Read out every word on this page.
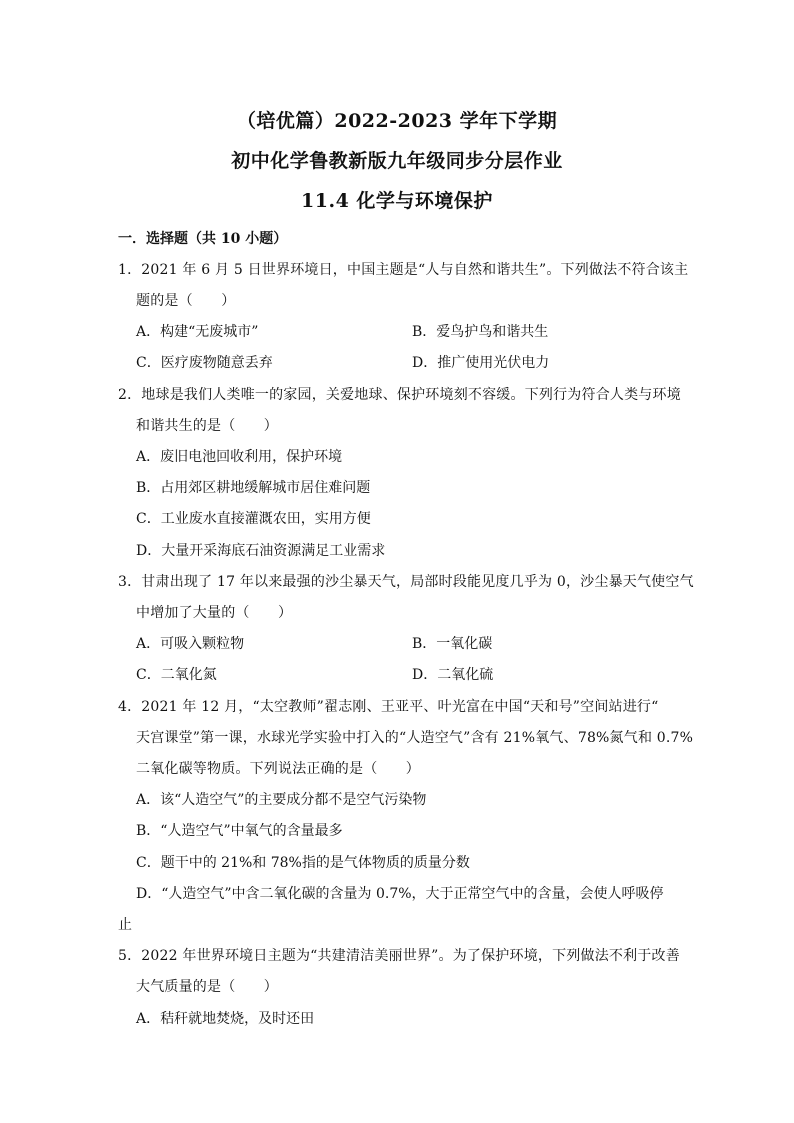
（培优篇）2022-2023 学年下学期
初中化学鲁教新版九年级同步分层作业
11.4 化学与环境保护
一．选择题（共 10 小题）
1．2021 年 6 月 5 日世界环境日，中国主题是“人与自然和谐共生”。下列做法不符合该主
题的是（　　）
A．构建“无废城市”	B．爱鸟护鸟和谐共生
C．医疗废物随意丢弃	D．推广使用光伏电力
2．地球是我们人类唯一的家园，关爱地球、保护环境刻不容缓。下列行为符合人类与环境
和谐共生的是（　　）
A．废旧电池回收利用，保护环境
B．占用郊区耕地缓解城市居住难问题
C．工业废水直接灌溉农田，实用方便
D．大量开采海底石油资源满足工业需求
3．甘肃出现了 17 年以来最强的沙尘暴天气，局部时段能见度几乎为 0，沙尘暴天气使空气
中增加了大量的（　　）
A．可吸入颗粒物	B．一氧化碳
C．二氧化氮	D．二氧化硫
4．2021 年 12 月，“太空教师”翟志刚、王亚平、叶光富在中国“天和号”空间站进行“
天宫课堂”第一课，水球光学实验中打入的“人造空气”含有 21%氧气、78%氮气和 0.7%
二氧化碳等物质。下列说法正确的是（　　）
A．该“人造空气”的主要成分都不是空气污染物
B．“人造空气”中氧气的含量最多
C．题干中的 21%和 78%指的是气体物质的质量分数
D．“人造空气”中含二氧化碳的含量为 0.7%，大于正常空气中的含量，会使人呼吸停
止
5．2022 年世界环境日主题为“共建清洁美丽世界”。为了保护环境，下列做法不利于改善
大气质量的是（　　）
A．秸秆就地焚烧，及时还田
